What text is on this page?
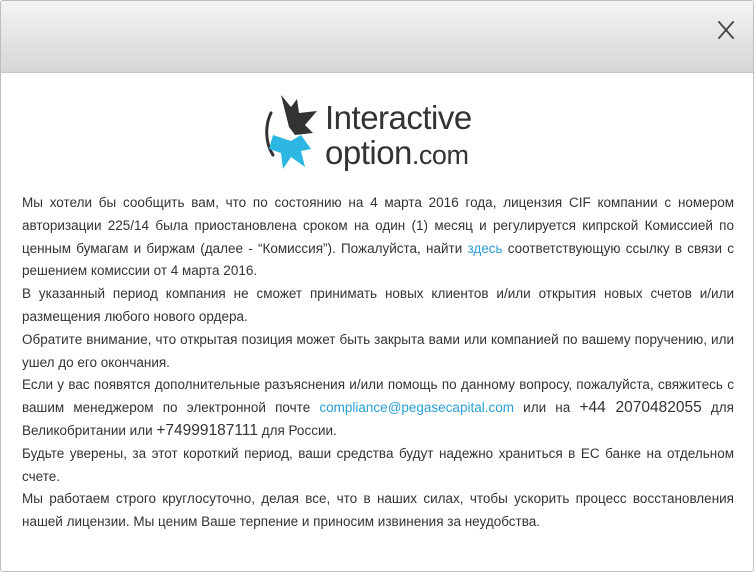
Interactive
option.com

Мы хотели бы сообщить вам, что по состоянию на 4 марта 2016 года, лицензия CIF компании с номером авторизации 225/14 была приостановлена сроком на один (1) месяц и регулируется кипрской Комиссией по ценным бумагам и биржам (далее - “Комиссия”). Пожалуйста, найти здесь соответствующую ссылку в связи с решением комиссии от 4 марта 2016.

В указанный период компания не сможет принимать новых клиентов и/или открытия новых счетов и/или размещения любого нового ордера.

Обратите внимание, что открытая позиция может быть закрыта вами или компанией по вашему поручению, или ушел до его окончания.

Если у вас появятся дополнительные разъяснения и/или помощь по данному вопросу, пожалуйста, свяжитесь с вашим менеджером по электронной почте compliance@pegasecapital.com или на +44 2070482055 для Великобритании или +74999187111 для России.

Будьте уверены, за этот короткий период, ваши средства будут надежно храниться в ЕС банке на отдельном счете.

Мы работаем строго круглосуточно, делая все, что в наших силах, чтобы ускорить процесс восстановления нашей лицензии. Мы ценим Ваше терпение и приносим извинения за неудобства.
